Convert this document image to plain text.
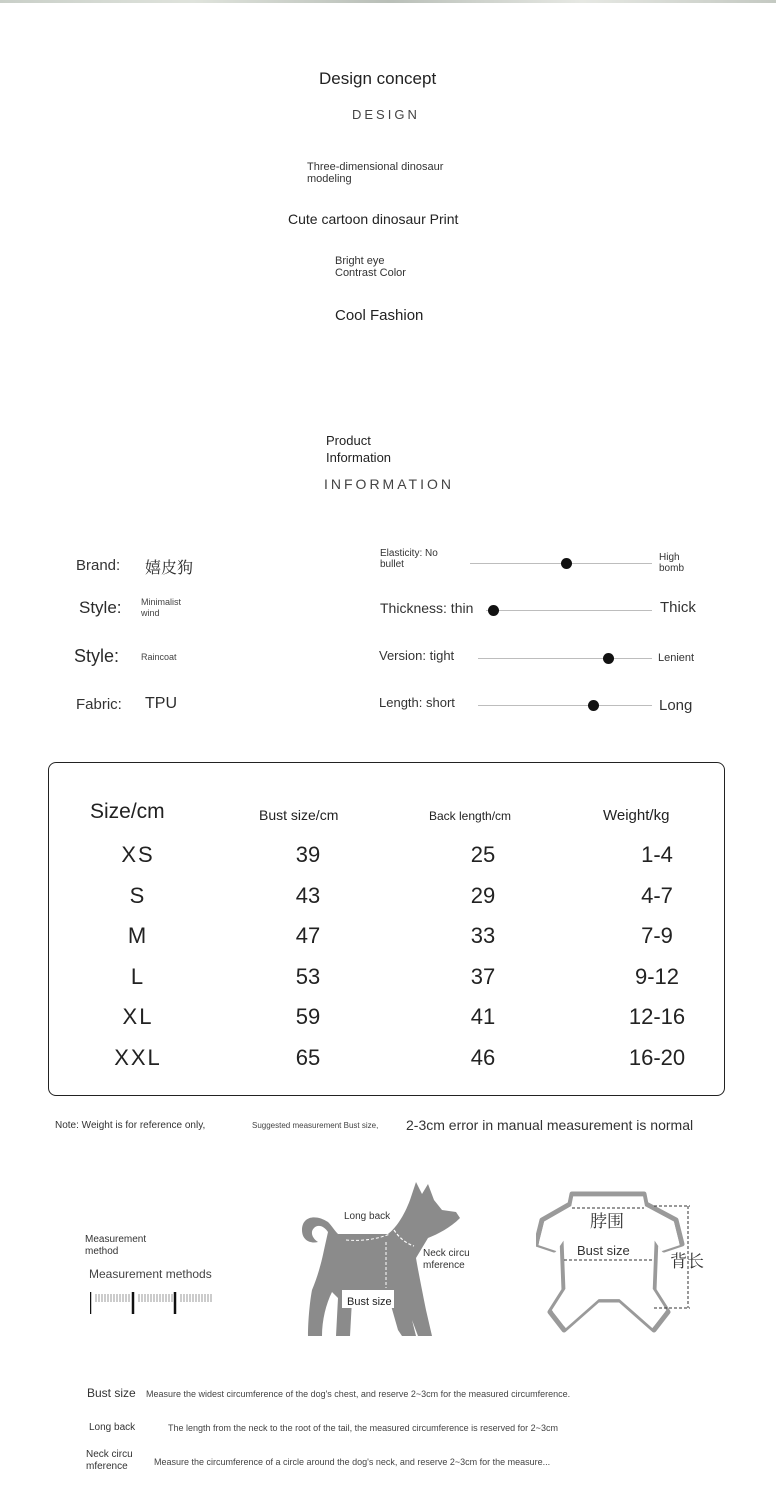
Design concept
DESIGN
Three-dimensional dinosaur
modeling
Cute cartoon dinosaur Print
Bright eye
Contrast Color
Cool Fashion
Product
Information
INFORMATION
Brand: 嬉皮狗
Style: Minimalist
wind
Style: Raincoat
Fabric: TPU
Elasticity: No
bullet
High
bomb
Thickness: thin	Thick
Version: tight	Lenient
Length: short	Long
Size/cm	Bust size/cm	Back length/cm	Weight/kg
XS	39	25	1-4
S	43	29	4-7
M	47	33	7-9
L	53	37	9-12
XL	59	41	12-16
XXL	65	46	16-20
Note: Weight is for reference only,	Suggested measurement Bust size, 2-3cm error in manual measurement is normal
Measurement
method
Measurement methods
Long back
Neck circu
mference
Bust size
脖围
Bust size
背长
Bust size Measure the widest circumference of the dog's chest, and reserve 2~3cm for the measured circumference.
Long back	The length from the neck to the root of the tail, the measured circumference is reserved for 2~3cm
Neck circu
mference	Measure the circumference of a circle around the dog's neck, and reserve 2~3cm for the measure...
